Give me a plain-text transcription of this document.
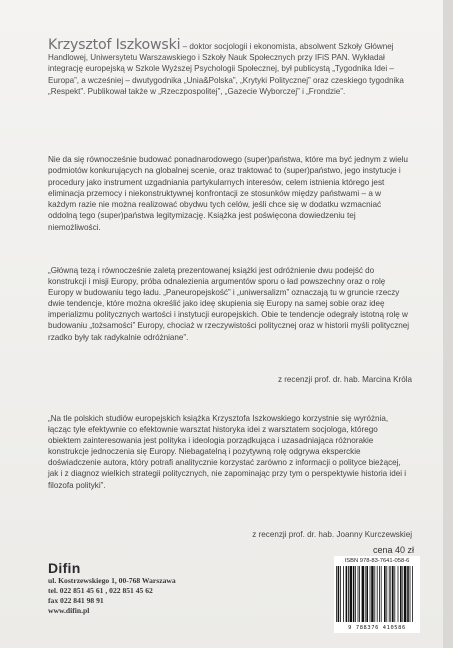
Krzysztof Iszkowski – doktor socjologii i ekonomista, absolwent Szkoły Głównej Handlowej, Uniwersytetu Warszawskiego i Szkoły Nauk Społecznych przy IFiS PAN. Wykładał integrację europejską w Szkole Wyższej Psychologii Społecznej, był publicystą „Tygodnika Idei – Europa”, a wcześniej – dwutygodnika „Unia&Polska”, „Krytyki Politycznej” oraz czeskiego tygodnika „Respekt”. Publikował także w „Rzeczpospolitej”, „Gazecie Wyborczej” i „Frondzie”.
Nie da się równocześnie budować ponadnarodowego (super)państwa, które ma być jednym z wielu podmiotów konkurujących na globalnej scenie, oraz traktować to (super)państwo, jego instytucje i procedury jako instrument uzgadniania partykularnych interesów, celem istnienia którego jest eliminacja przemocy i niekonstruktywnej konfrontacji ze stosunków między państwami – a w każdym razie nie można realizować obydwu tych celów, jeśli chce się w dodatku wzmacniać oddolną tego (super)państwa legitymizację. Książka jest poświęcona dowiedzeniu tej niemożliwości.
„Główną tezą i równocześnie zaletą prezentowanej książki jest odróżnienie dwu podejść do konstrukcji i misji Europy, próba odnalezienia argumentów sporu o ład powszechny oraz o rolę Europy w budowaniu tego ładu. „Paneuropejskość” i „uniwersalizm” oznaczają tu w gruncie rzeczy dwie tendencje, które można określić jako ideę skupienia się Europy na samej sobie oraz ideę imperializmu politycznych wartości i instytucji europejskich. Obie te tendencje odegrały istotną rolę w budowaniu „tożsamości” Europy, chociaż w rzeczywistości politycznej oraz w historii myśli politycznej rzadko były tak radykalnie odróżniane”.
z recenzji prof. dr. hab. Marcina Króla
„Na tle polskich studiów europejskich książka Krzysztofa Iszkowskiego korzystnie się wyróżnia, łącząc tyle efektywnie co efektownie warsztat historyka idei z warsztatem socjologa, którego obiektem zainteresowania jest polityka i ideologia porządkująca i uzasadniająca różnorakie konstrukcje jednoczenia się Europy. Niebagatelną i pozytywną rolę odgrywa eksperckie doświadczenie autora, który potrafi analitycznie korzystać zarówno z informacji o polityce bieżącej, jak i z diagnoz wielkich strategii politycznych, nie zapominając przy tym o perspektywie historia idei i filozofa polityki”.
z recenzji prof. dr. hab. Joanny Kurczewskiej
cena 40 zł
Difin
ul. Kostrzewskiego 1, 00-768 Warszawa
tel. 022 851 45 61 , 022 851 45 62
fax 022 841 98 91
www.difin.pl
ISBN 978-83-7641-058-6
9 788376 410586
